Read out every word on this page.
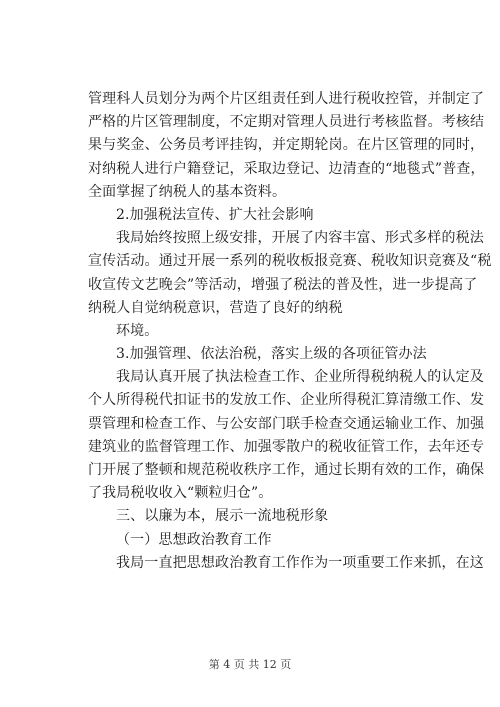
管理科人员划分为两个片区组责任到人进行税收控管，并制定了
严格的片区管理制度，不定期对管理人员进行考核监督。考核结
果与奖金、公务员考评挂钩，并定期轮岗。在片区管理的同时，
对纳税人进行户籍登记，采取边登记、边清查的“地毯式”普查，
全面掌握了纳税人的基本资料。
2.加强税法宣传、扩大社会影响
我局始终按照上级安排，开展了内容丰富、形式多样的税法
宣传活动。通过开展一系列的税收板报竞赛、税收知识竞赛及“税
收宣传文艺晚会”等活动，增强了税法的普及性，进一步提高了
纳税人自觉纳税意识，营造了良好的纳税
环境。
3.加强管理、依法治税，落实上级的各项征管办法
我局认真开展了执法检查工作、企业所得税纳税人的认定及
个人所得税代扣证书的发放工作、企业所得税汇算清缴工作、发
票管理和检查工作、与公安部门联手检查交通运输业工作、加强
建筑业的监督管理工作、加强零散户的税收征管工作，去年还专
门开展了整顿和规范税收秩序工作，通过长期有效的工作，确保
了我局税收收入“颗粒归仓”。
三、以廉为本，展示一流地税形象
（一）思想政治教育工作
我局一直把思想政治教育工作作为一项重要工作来抓，在这
第 4 页 共 12 页
